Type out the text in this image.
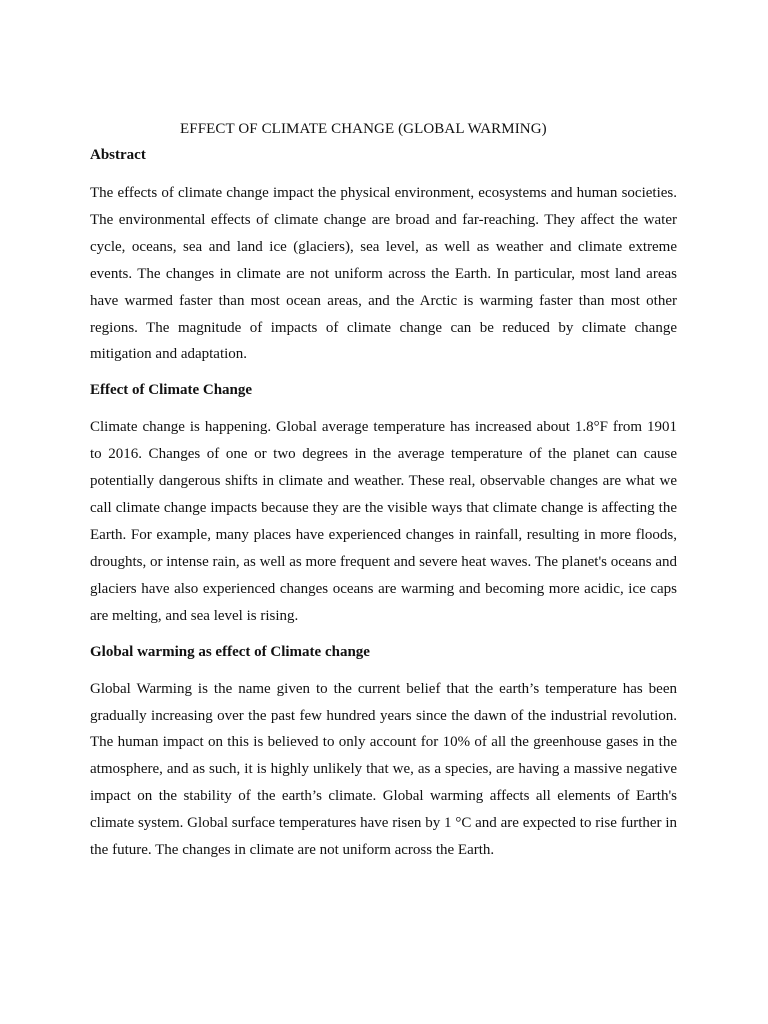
EFFECT OF CLIMATE CHANGE (GLOBAL WARMING)
Abstract

The effects of climate change impact the physical environment, ecosystems and human societies. The environmental effects of climate change are broad and far-reaching. They affect the water cycle, oceans, sea and land ice (glaciers), sea level, as well as weather and climate extreme events. The changes in climate are not uniform across the Earth. In particular, most land areas have warmed faster than most ocean areas, and the Arctic is warming faster than most other regions. The magnitude of impacts of climate change can be reduced by climate change mitigation and adaptation.

Effect of Climate Change

Climate change is happening. Global average temperature has increased about 1.8°F from 1901 to 2016. Changes of one or two degrees in the average temperature of the planet can cause potentially dangerous shifts in climate and weather. These real, observable changes are what we call climate change impacts because they are the visible ways that climate change is affecting the Earth. For example, many places have experienced changes in rainfall, resulting in more floods, droughts, or intense rain, as well as more frequent and severe heat waves. The planet's oceans and glaciers have also experienced changes oceans are warming and becoming more acidic, ice caps are melting, and sea level is rising.

Global warming as effect of Climate change

Global Warming is the name given to the current belief that the earth’s temperature has been gradually increasing over the past few hundred years since the dawn of the industrial revolution. The human impact on this is believed to only account for 10% of all the greenhouse gases in the atmosphere, and as such, it is highly unlikely that we, as a species, are having a massive negative impact on the stability of the earth’s climate. Global warming affects all elements of Earth's climate system. Global surface temperatures have risen by 1 °C and are expected to rise further in the future. The changes in climate are not uniform across the Earth.
